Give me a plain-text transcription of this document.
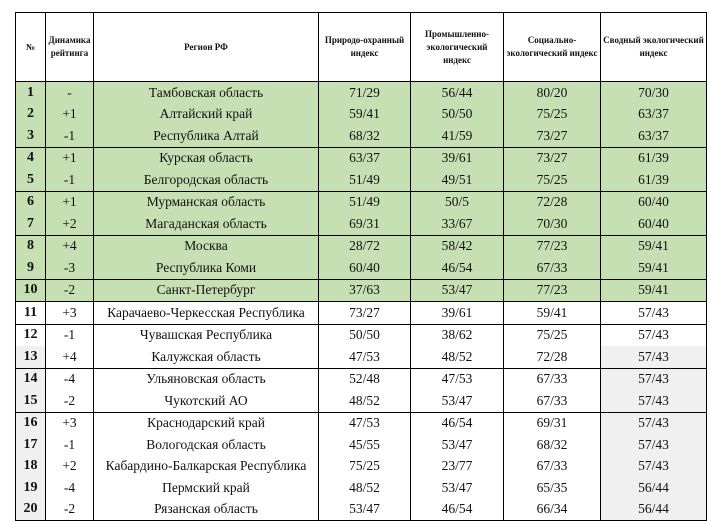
№	Динамика рейтинга	Регион РФ	Природо-охранный индекс	Промышленно-экологический индекс	Социально-экологический индекс	Сводный экологический индекс
1	-	Тамбовская область	71/29	56/44	80/20	70/30
2	+1	Алтайский край	59/41	50/50	75/25	63/37
3	-1	Республика Алтай	68/32	41/59	73/27	63/37
4	+1	Курская область	63/37	39/61	73/27	61/39
5	-1	Белгородская область	51/49	49/51	75/25	61/39
6	+1	Мурманская область	51/49	50/5	72/28	60/40
7	+2	Магаданская область	69/31	33/67	70/30	60/40
8	+4	Москва	28/72	58/42	77/23	59/41
9	-3	Республика Коми	60/40	46/54	67/33	59/41
10	-2	Санкт-Петербург	37/63	53/47	77/23	59/41
11	+3	Карачаево-Черкесская Республика	73/27	39/61	59/41	57/43
12	-1	Чувашская Республика	50/50	38/62	75/25	57/43
13	+4	Калужская область	47/53	48/52	72/28	57/43
14	-4	Ульяновская область	52/48	47/53	67/33	57/43
15	-2	Чукотский АО	48/52	53/47	67/33	57/43
16	+3	Краснодарский край	47/53	46/54	69/31	57/43
17	-1	Вологодская область	45/55	53/47	68/32	57/43
18	+2	Кабардино-Балкарская Республика	75/25	23/77	67/33	57/43
19	-4	Пермский край	48/52	53/47	65/35	56/44
20	-2	Рязанская область	53/47	46/54	66/34	56/44
